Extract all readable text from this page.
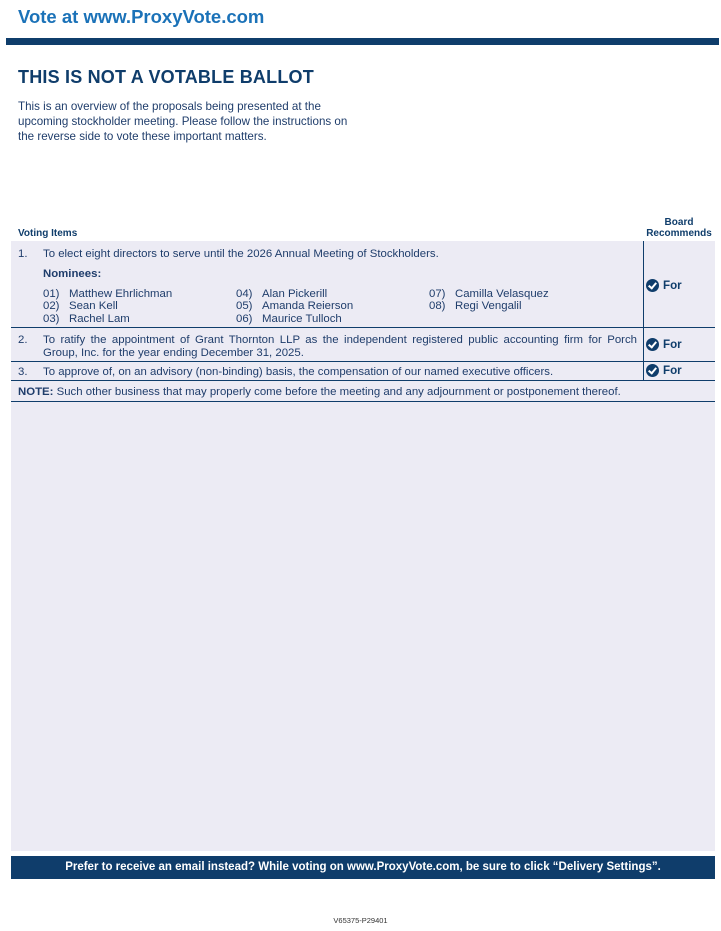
Vote at www.ProxyVote.com
THIS IS NOT A VOTABLE BALLOT
This is an overview of the proposals being presented at the upcoming stockholder meeting. Please follow the instructions on the reverse side to vote these important matters.
Voting Items
Board Recommends
1. To elect eight directors to serve until the 2026 Annual Meeting of Stockholders.
Nominees:
01) Matthew Ehrlichman
02) Sean Kell
03) Rachel Lam
04) Alan Pickerill
05) Amanda Reierson
06) Maurice Tulloch
07) Camilla Velasquez
08) Regi Vengalil
For
2. To ratify the appointment of Grant Thornton LLP as the independent registered public accounting firm for Porch Group, Inc. for the year ending December 31, 2025.
For
3. To approve of, on an advisory (non-binding) basis, the compensation of our named executive officers.	For
NOTE: Such other business that may properly come before the meeting and any adjournment or postponement thereof.
Prefer to receive an email instead? While voting on www.ProxyVote.com, be sure to click “Delivery Settings”.
V65375-P29401
